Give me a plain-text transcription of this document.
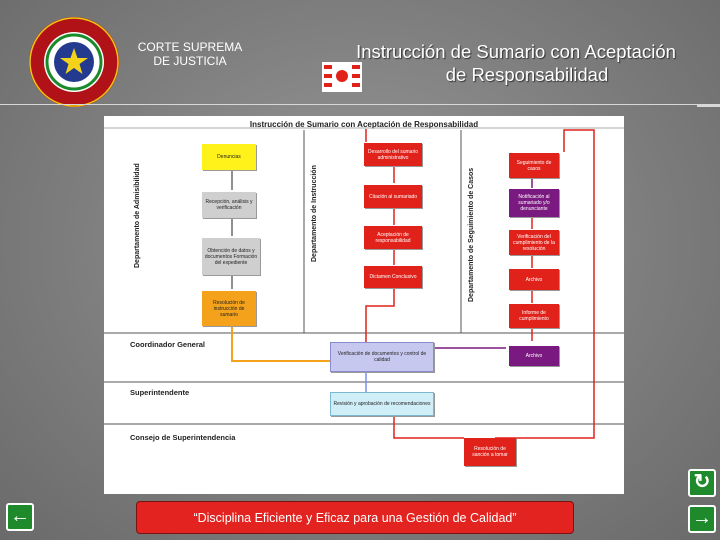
CORTE SUPREMA
DE JUSTICIA	Instrucción de Sumario con Aceptación
de Responsabilidad
Instrucción de Sumario con Aceptación de Responsabilidad
Departamento de Admisibilidad	Departamento de Instrucción	Departamento de Seguimiento de Casos
Coordinador General
Superintendente
Consejo de Superintendencia
Denuncias
Recepción, análisis y verificación
Obtención de datos y documentos Formación del expediente
Resolución de instrucción de sumario
Desarrollo del sumario administrativo
Citación al sumariado
Aceptación de responsabilidad
Dictamen Conclusivo
Seguimiento de casos
Notificación al sumariado y/o denunciante
Verificación del cumplimiento de la resolución
Archivo
Informe de cumplimiento
Verificación de documentos y control de calidad
Archivo
Revisión y aprobación de recomendaciones
Resolución de sanción a tomar
“Disciplina Eficiente y Eficaz para una Gestión de Calidad”
↻
←	→
